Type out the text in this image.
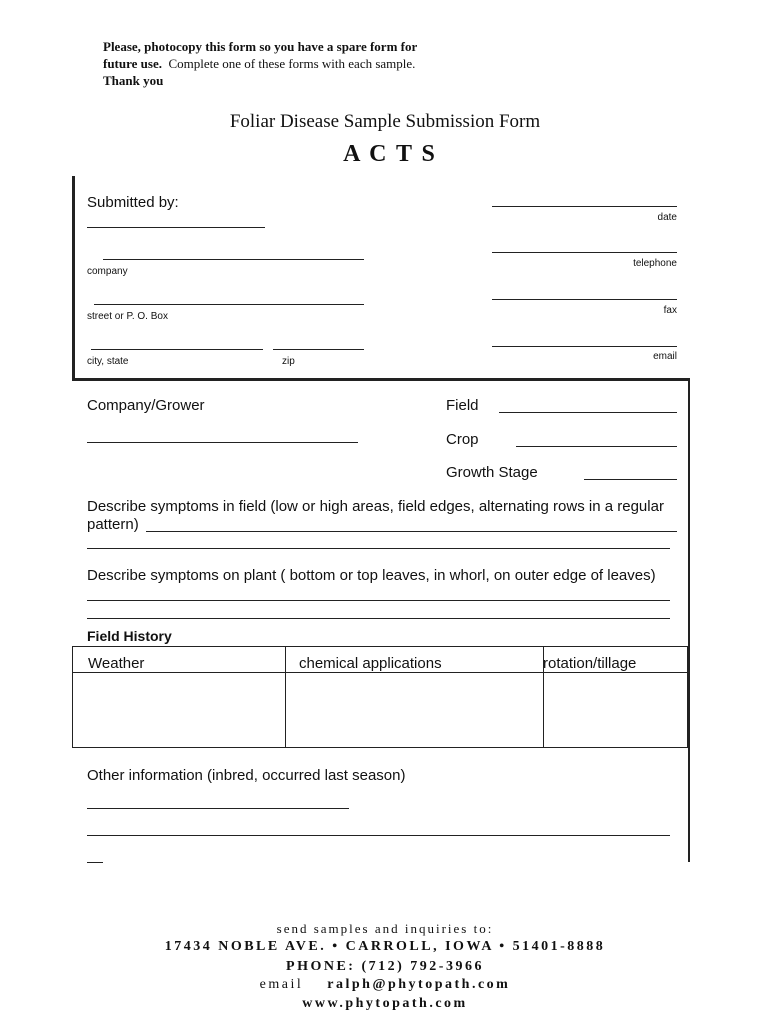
Please, photocopy this form so you have a spare form for
future use. Complete one of these forms with each sample.
Thank you
Foliar Disease Sample Submission Form
A C T S
Submitted by:
company
street or P. O. Box
city, state	zip
date
telephone
fax
email
Company/Grower	Field
Crop
Growth Stage
Describe symptoms in field (low or high areas, field edges, alternating rows in a regular
pattern)
Describe symptoms on plant ( bottom or top leaves, in whorl, on outer edge of leaves)
Field History
Weather	chemical applications	rotation/tillage
Other information (inbred, occurred last season)
send samples and inquiries to:
17434 NOBLE AVE. • CARROLL, IOWA • 51401-8888
PHONE: (712) 792-3966
email ralph@phytopath.com
www.phytopath.com
